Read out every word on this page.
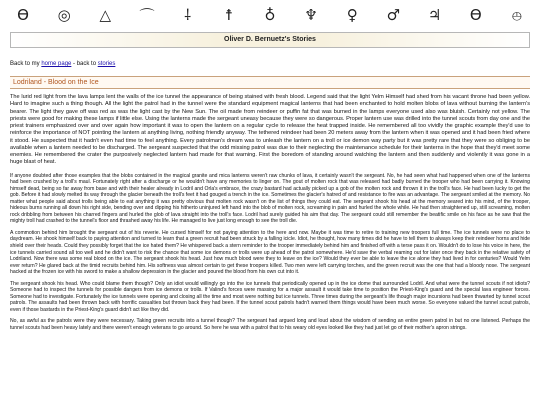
Ө ◎ △ ⌒ ⸸ ☨ ♁ ♆ ♀ ♂ ♃ Ө ⦺
Oliver D. Bernuetz's Stories
Back to my home page - back to stories
Lodriland - Blood on the Ice

The lurid red light from the lava lamps lent the walls of the ice tunnel the appearance of being stained with fresh blood. Legend said that the light Yelm Himself had shed from his vacant throne had been yellow. Hard to imagine such a thing though. All the light the patrol had in the tunnel were the standard equipment magical lanterns that had been enchanted to hold molten blobs of lava without burning the lantern's bearer. The light they gave off was red as was the light cast by the New Sun. The oil made from reindeer or puffin fat that was burned in the lamps everyone used also was bluish. Certainly not yellow. The priests were good for making these lamps if little else. Using the lanterns made the sergeant uneasy because they were so dangerous. Proper lantern use was drilled into the tunnel scouts from day one and the priest trainers emphasized over and over again how important it was to open the lantern on a regular cycle to release the heat trapped inside. He remembered all too vividly the graphic example they'd use to reinforce the importance of NOT pointing the lantern at anything living, nothing friendly anyway. The tethered reindeer had been 20 meters away from the lantern when it was opened and it had been fried where it stood. He suspected that it hadn't even had time to feel anything. Every patrolman's dream was to unleash the lantern on a troll or ice demon way party but it was pretty rare that they were so obliging to be available when a lantern needed to be discharged. The sergeant suspected that the odd missing patrol was due to their neglecting the maintenance schedule for their lanterns in the hope that they'd meet some enemies. He remembered the crater the purposively neglected lantern had made for that warning. First the boredom of standing around watching the lantern and then suddenly and violently it was gone in a huge blast of heat.

If anyone doubted after those examples that the blobs contained in the magical granite and mica lanterns weren't raw chunks of lava, it certainly wasn't the sergeant. No, he had seen what had happened when one of the lanterns had been crushed by a troll's maul. Fortunately right after a discharge or he wouldn't have any memories to linger on. The gout of molten rock that was released had badly burned the trooper who had been carrying it. Knowing himself dead, being so far away from base and with their healer already in Lodril and Orla's embrace, the crazy bastard had actually picked up a gob of the molten rock and thrown it in the troll's face. He had been lucky to get the gob. Before it had slowly melted its way through the glacier beneath the troll's feet it had gouged a trench in the ice. Sometimes the glacier's hatred of and resistance to fire was an advantage. The sergeant smiled at the memory. No matter what people said about trolls being able to eat anything it was pretty obvious that molten rock wasn't on the list of things they could eat. The sergeant shook his head at the memory seared into his mind, of the trooper, hideous burns running all down his right side, bending over and dipping his hitherto uninjured left hand into the blob of molten rock, screaming in pain and hurled the whole while. He had then straightened up, still screaming, molten rock dribbling from between his charred fingers and hurled the glob of lava straight into the troll's face. Lodril had surely guided his aim that day. The sergeant could still remember the beatific smile on his face as he saw that the mighty troll had crashed to the tunnel's floor and thrashed away his life. He managed to live just long enough to see the troll die.

A commotion behind him brought the sergeant out of his reverie. He cursed himself for not paying attention to the here and now. Maybe it was time to retire to training new troopers full time. The ice tunnels were no place to daydream. He shook himself back to paying attention and turned to learn that a green recruit had been struck by a falling icicle. Idiot, he thought, how many times did he have to tell them to always keep their reindeer horns and hide shield over their heads. Could they possibly forget that the ice hated them? He whispered back a stern reminder to the trooper immediately behind him and finished off with a terse pass it on. Wouldn't do to lose his voice in here, the ice tunnels carried sound all too well and he didn't want to risk the chance that some ice demons or trolls were up ahead of the patrol somewhere. He'd save the verbal reaming out for later once they back in the relative safety of Lodriland. Now there was some real blood on the ice. The sergeant shook his head. Just how much blood were they to leave on the ice? Would they ever be able to leave the ice alone they had lived in for centuries? Would Yelm ever return? He glared back at the timid recruits behind him. His softness was almost certain to get these troopers killed. Two men were left carrying torches, and the green recruit was the one that had a bloody nose. The sergeant hacked at the frozen ice with his sword to make a shallow depression in the glacier and poured the blood from his own cut into it.

The sergeant shook his head. Who could blame them though? Only an idiot would willingly go into the ice tunnels that periodically opened up in the ice dome that surrounded Lodril. And what were the tunnel scouts if not idiots? Someone had to inspect the tunnels for possible dangers from ice demons or trolls. If Valind's forces were massing for a major assault it would take time to position the Priest-King's guard and the special lava engineer forces. Someone had to investigate. Fortunately the ice tunnels were opening and closing all the time and most were nothing but ice tunnels. Three times during the sergeant's life though major incursions had been thwarted by tunnel scout patrols. The assaults had been thrown back with horrific casualties but thrown back they had been. If the tunnel scout patrols hadn't warned them things would have been much worse. So everyone valued the tunnel scout patrols, even if those bastards in the Priest-King's guard didn't act like they did.

No, as awful as the patrols were they were necessary. Taking green recruits into a tunnel though? The sergeant had argued long and loud about the wisdom of sending an entire green patrol in but no one listened. Perhaps the tunnel scouts had been heavy lately and there weren't enough veterans to go around. So here he was with a patrol that to his weary old eyes looked like they had just let go of their mother's apron strings.
